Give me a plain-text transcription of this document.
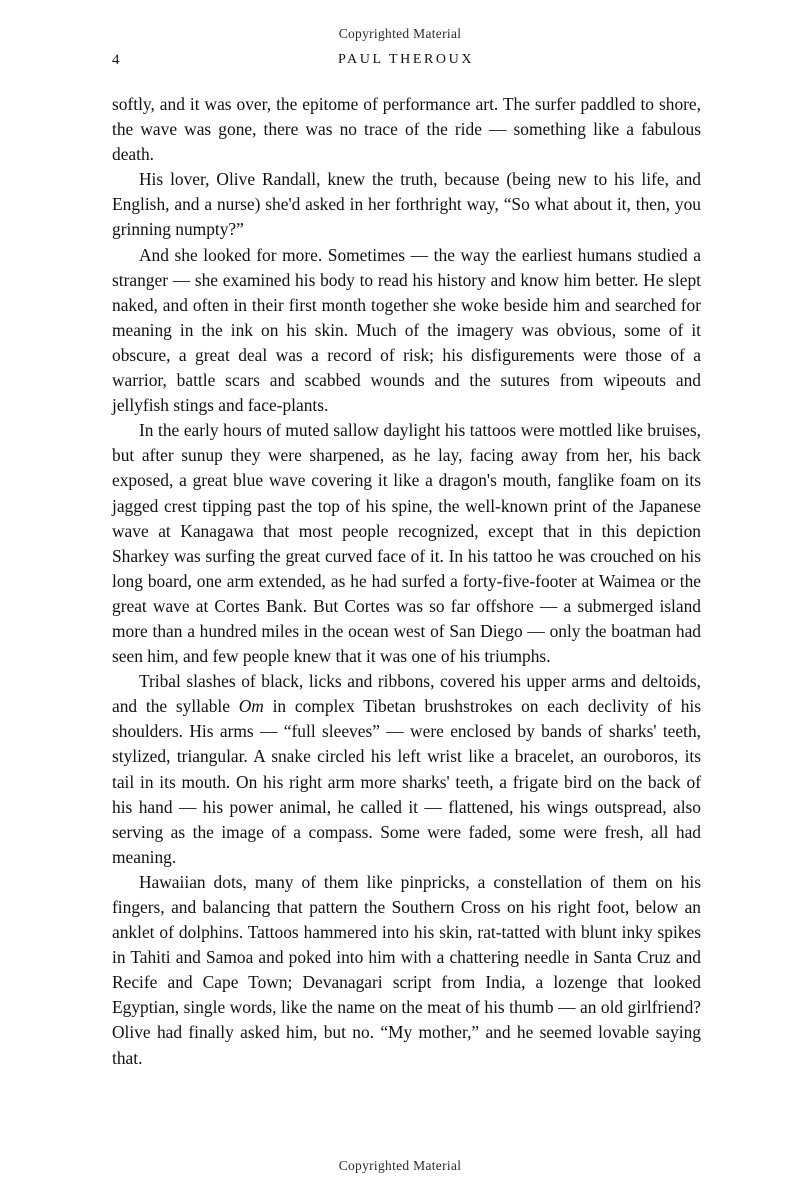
Copyrighted Material
4	PAUL THEROUX

softly, and it was over, the epitome of performance art. The surfer paddled to shore, the wave was gone, there was no trace of the ride — something like a fabulous death.

His lover, Olive Randall, knew the truth, because (being new to his life, and English, and a nurse) she'd asked in her forthright way, “So what about it, then, you grinning numpty?”

And she looked for more. Sometimes — the way the earliest humans studied a stranger — she examined his body to read his history and know him better. He slept naked, and often in their first month together she woke beside him and searched for meaning in the ink on his skin. Much of the imagery was obvious, some of it obscure, a great deal was a record of risk; his disfigurements were those of a warrior, battle scars and scabbed wounds and the sutures from wipeouts and jellyfish stings and face-plants.

In the early hours of muted sallow daylight his tattoos were mottled like bruises, but after sunup they were sharpened, as he lay, facing away from her, his back exposed, a great blue wave covering it like a dragon's mouth, fanglike foam on its jagged crest tipping past the top of his spine, the well-known print of the Japanese wave at Kanagawa that most people recognized, except that in this depiction Sharkey was surfing the great curved face of it. In his tattoo he was crouched on his long board, one arm extended, as he had surfed a forty-five-footer at Waimea or the great wave at Cortes Bank. But Cortes was so far offshore — a submerged island more than a hundred miles in the ocean west of San Diego — only the boatman had seen him, and few people knew that it was one of his triumphs.

Tribal slashes of black, licks and ribbons, covered his upper arms and deltoids, and the syllable Om in complex Tibetan brushstrokes on each declivity of his shoulders. His arms — “full sleeves” — were enclosed by bands of sharks' teeth, stylized, triangular. A snake circled his left wrist like a bracelet, an ouroboros, its tail in its mouth. On his right arm more sharks' teeth, a frigate bird on the back of his hand — his power animal, he called it — flattened, his wings outspread, also serving as the image of a compass. Some were faded, some were fresh, all had meaning.

Hawaiian dots, many of them like pinpricks, a constellation of them on his fingers, and balancing that pattern the Southern Cross on his right foot, below an anklet of dolphins. Tattoos hammered into his skin, rat-tatted with blunt inky spikes in Tahiti and Samoa and poked into him with a chattering needle in Santa Cruz and Recife and Cape Town; Devanagari script from India, a lozenge that looked Egyptian, single words, like the name on the meat of his thumb — an old girlfriend? Olive had finally asked him, but no. “My mother,” and he seemed lovable saying that.

Copyrighted Material
